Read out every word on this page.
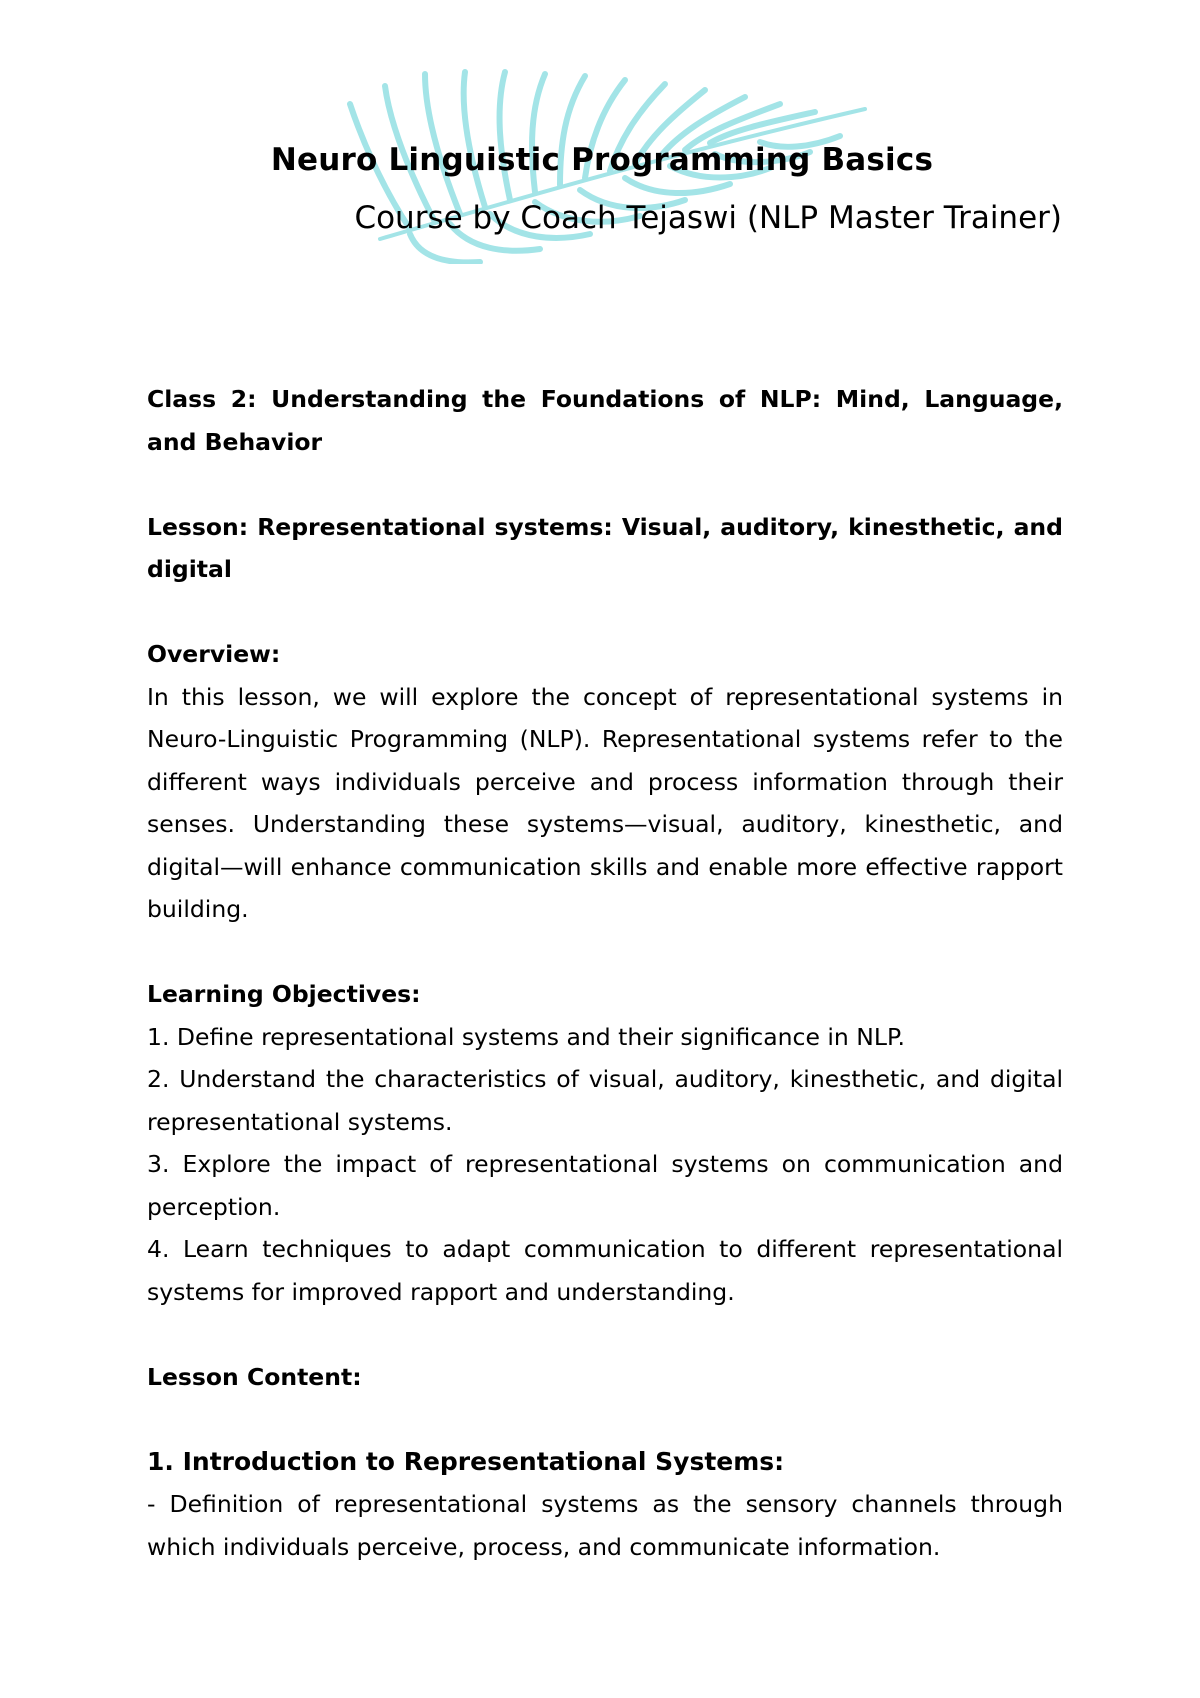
Neuro Linguistic Programming Basics
Course by Coach Tejaswi (NLP Master Trainer)

Class 2: Understanding the Foundations of NLP: Mind, Language, and Behavior

Lesson: Representational systems: Visual, auditory, kinesthetic, and digital

Overview:
In this lesson, we will explore the concept of representational systems in Neuro-Linguistic Programming (NLP). Representational systems refer to the different ways individuals perceive and process information through their senses. Understanding these systems—visual, auditory, kinesthetic, and digital—will enhance communication skills and enable more effective rapport building.
Learning Objectives:
1. Define representational systems and their significance in NLP.
2. Understand the characteristics of visual, auditory, kinesthetic, and digital representational systems.
3. Explore the impact of representational systems on communication and perception.
4. Learn techniques to adapt communication to different representational systems for improved rapport and understanding.

Lesson Content:

1. Introduction to Representational Systems:
- Definition of representational systems as the sensory channels through which individuals perceive, process, and communicate information.
